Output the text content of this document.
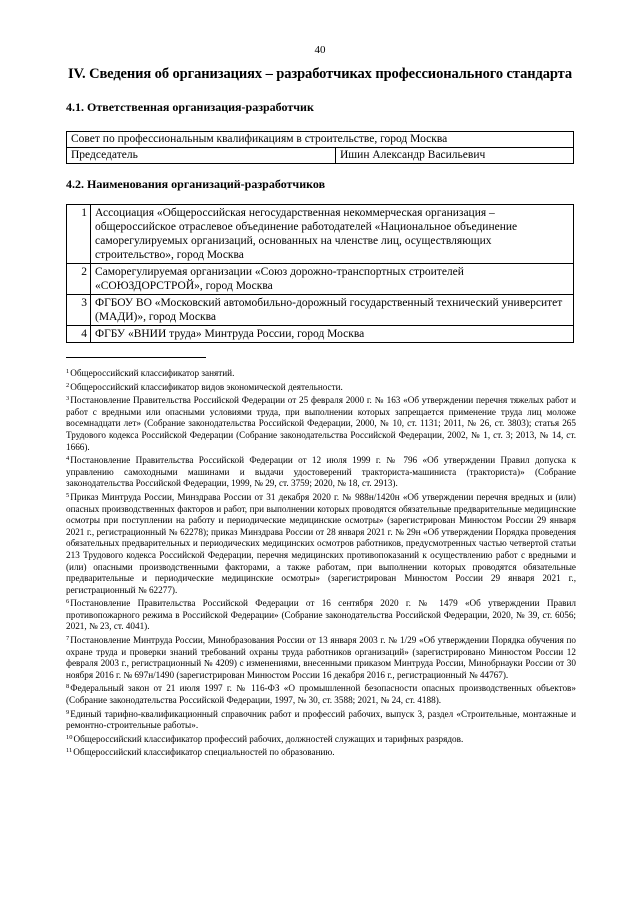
40
IV. Сведения об организациях – разработчиках профессионального стандарта
4.1. Ответственная организация-разработчик
Совет по профессиональным квалификациям в строительстве, город Москва
Председатель	Ишин Александр Васильевич
4.2. Наименования организаций-разработчиков
1	Ассоциация «Общероссийская негосударственная некоммерческая организация – общероссийское отраслевое объединение работодателей «Национальное объединение саморегулируемых организаций, основанных на членстве лиц, осуществляющих строительство», город Москва
2	Саморегулируемая организации «Союз дорожно-транспортных строителей «СОЮЗДОРСТРОЙ», город Москва
3	ФГБОУ ВО «Московский автомобильно-дорожный государственный технический университет (МАДИ)», город Москва
4	ФГБУ «ВНИИ труда» Минтруда России, город Москва

$^1$Общероссийский классификатор занятий.

$^2$Общероссийский классификатор видов экономической деятельности.

$^3$Постановление Правительства Российской Федерации от 25 февраля 2000 г. № 163 «Об утверждении перечня тяжелых работ и работ с вредными или опасными условиями труда, при выполнении которых запрещается применение труда лиц моложе восемнадцати лет» (Собрание законодательства Российской Федерации, 2000, № 10, ст. 1131; 2011, № 26, ст. 3803); статья 265 Трудового кодекса Российской Федерации (Собрание законодательства Российской Федерации, 2002, № 1, ст. 3; 2013, № 14, ст. 1666).

$^4$Постановление Правительства Российской Федерации от 12 июля 1999 г. № 796 «Об утверждении Правил допуска к управлению самоходными машинами и выдачи удостоверений тракториста-машиниста (тракториста)» (Собрание законодательства Российской Федерации, 1999, № 29, ст. 3759; 2020, № 18, ст. 2913).

$^5$Приказ Минтруда России, Минздрава России от 31 декабря 2020 г. № 988н/1420н «Об утверждении перечня вредных и (или) опасных производственных факторов и работ, при выполнении которых проводятся обязательные предварительные медицинские осмотры при поступлении на работу и периодические медицинские осмотры» (зарегистрирован Минюстом России 29 января 2021 г., регистрационный № 62278); приказ Минздрава России от 28 января 2021 г. № 29н «Об утверждении Порядка проведения обязательных предварительных и периодических медицинских осмотров работников, предусмотренных частью четвертой статьи 213 Трудового кодекса Российской Федерации, перечня медицинских противопоказаний к осуществлению работ с вредными и (или) опасными производственными факторами, а также работам, при выполнении которых проводятся обязательные предварительные и периодические медицинские осмотры» (зарегистрирован Минюстом России 29 января 2021 г., регистрационный № 62277).

$^6$Постановление Правительства Российской Федерации от 16 сентября 2020 г. № 1479 «Об утверждении Правил противопожарного режима в Российской Федерации» (Собрание законодательства Российской Федерации, 2020, № 39, ст. 6056; 2021, № 23, ст. 4041).

$^7$Постановление Минтруда России, Минобразования России от 13 января 2003 г. № 1/29 «Об утверждении Порядка обучения по охране труда и проверки знаний требований охраны труда работников организаций» (зарегистрировано Минюстом России 12 февраля 2003 г., регистрационный № 4209) с изменениями, внесенными приказом Минтруда России, Минобрнауки России от 30 ноября 2016 г. № 697н/1490 (зарегистрирован Минюстом России 16 декабря 2016 г., регистрационный № 44767).

$^8$Федеральный закон от 21 июля 1997 г. № 116-ФЗ «О промышленной безопасности опасных производственных объектов» (Собрание законодательства Российской Федерации, 1997, № 30, ст. 3588; 2021, № 24, ст. 4188).

$^9$Единый тарифно-квалификационный справочник работ и профессий рабочих, выпуск 3, раздел «Строительные, монтажные и ремонтно-строительные работы».

$^{10}$Общероссийский классификатор профессий рабочих, должностей служащих и тарифных разрядов.

$^{11}$Общероссийский классификатор специальностей по образованию.
